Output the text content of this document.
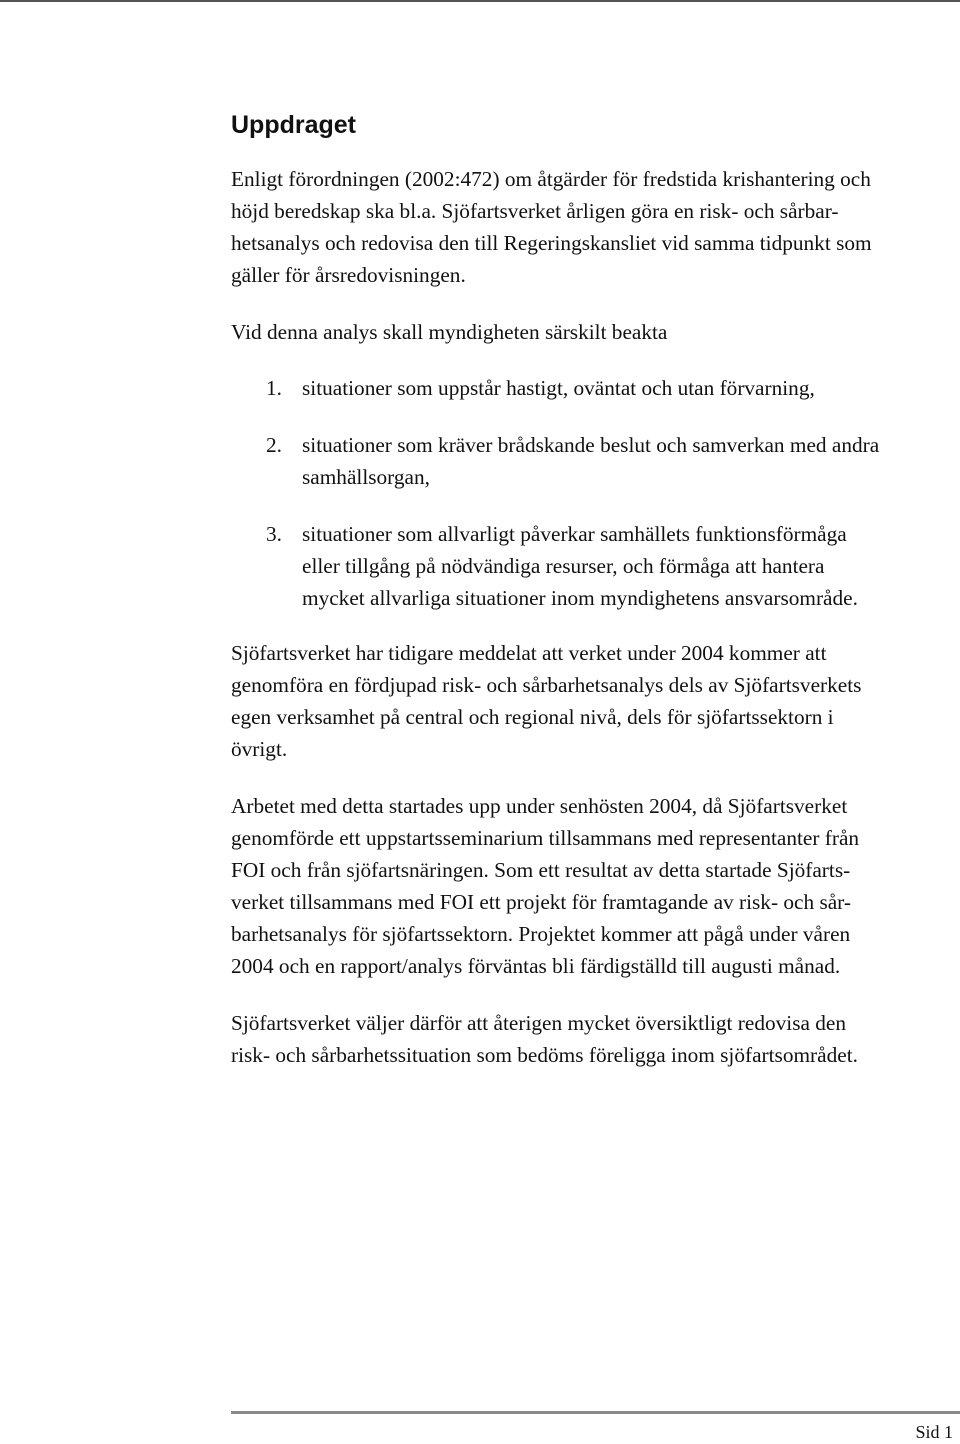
Uppdraget

Enligt förordningen (2002:472) om åtgärder för fredstida krishantering och
höjd beredskap ska bl.a. Sjöfartsverket årligen göra en risk- och sårbar-
hetsanalys och redovisa den till Regeringskansliet vid samma tidpunkt som
gäller för årsredovisningen.

Vid denna analys skall myndigheten särskilt beakta

1. situationer som uppstår hastigt, oväntat och utan förvarning,
2. situationer som kräver brådskande beslut och samverkan med andra
samhällsorgan,
3. situationer som allvarligt påverkar samhällets funktionsförmåga
eller tillgång på nödvändiga resurser, och förmåga att hantera
mycket allvarliga situationer inom myndighetens ansvarsområde.

Sjöfartsverket har tidigare meddelat att verket under 2004 kommer att
genomföra en fördjupad risk- och sårbarhetsanalys dels av Sjöfartsverkets
egen verksamhet på central och regional nivå, dels för sjöfartssektorn i
övrigt.

Arbetet med detta startades upp under senhösten 2004, då Sjöfartsverket
genomförde ett uppstartsseminarium tillsammans med representanter från
FOI och från sjöfartsnäringen. Som ett resultat av detta startade Sjöfarts-
verket tillsammans med FOI ett projekt för framtagande av risk- och sår-
barhetsanalys för sjöfartssektorn. Projektet kommer att pågå under våren
2004 och en rapport/analys förväntas bli färdigställd till augusti månad.

Sjöfartsverket väljer därför att återigen mycket översiktligt redovisa den
risk- och sårbarhetssituation som bedöms föreligga inom sjöfartsområdet.

Sid 1
